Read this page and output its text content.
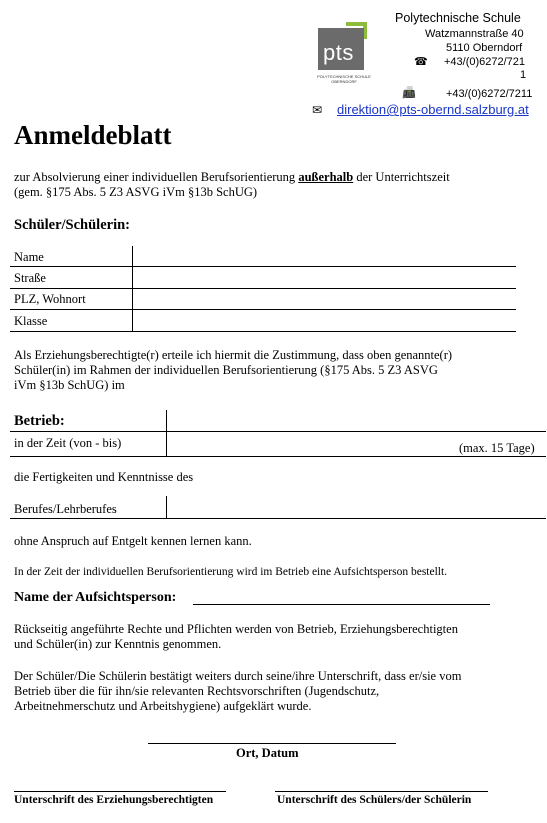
pts
POLYTECHNISCHE SCHULE
OBERNDORF
Polytechnische Schule
Watzmannstraße 40
5110 Oberndorf
☎ +43/(0)6272/721
1
📠	+43/(0)6272/7211
✉ direktion@pts-obernd.salzburg.at
Anmeldeblatt
zur Absolvierung einer individuellen Berufsorientierung außerhalb der Unterrichtszeit
(gem. §175 Abs. 5 Z3 ASVG iVm §13b SchUG)
Schüler/Schülerin:
Name
Straße
PLZ, Wohnort
Klasse
Als Erziehungsberechtigte(r) erteile ich hiermit die Zustimmung, dass oben genannte(r)
Schüler(in) im Rahmen der individuellen Berufsorientierung (§175 Abs. 5 Z3 ASVG
iVm §13b SchUG) im
Betrieb:
in der Zeit (von - bis)	(max. 15 Tage)
die Fertigkeiten und Kenntnisse des
Berufes/Lehrberufes
ohne Anspruch auf Entgelt kennen lernen kann.
In der Zeit der individuellen Berufsorientierung wird im Betrieb eine Aufsichtsperson bestellt.
Name der Aufsichtsperson:
Rückseitig angeführte Rechte und Pflichten werden von Betrieb, Erziehungsberechtigten
und Schüler(in) zur Kenntnis genommen.
Der Schüler/Die Schülerin bestätigt weiters durch seine/ihre Unterschrift, dass er/sie vom
Betrieb über die für ihn/sie relevanten Rechtsvorschriften (Jugendschutz,
Arbeitnehmerschutz und Arbeitshygiene) aufgeklärt wurde.
Ort, Datum
Unterschrift des Erziehungsberechtigten	Unterschrift des Schülers/der Schülerin
